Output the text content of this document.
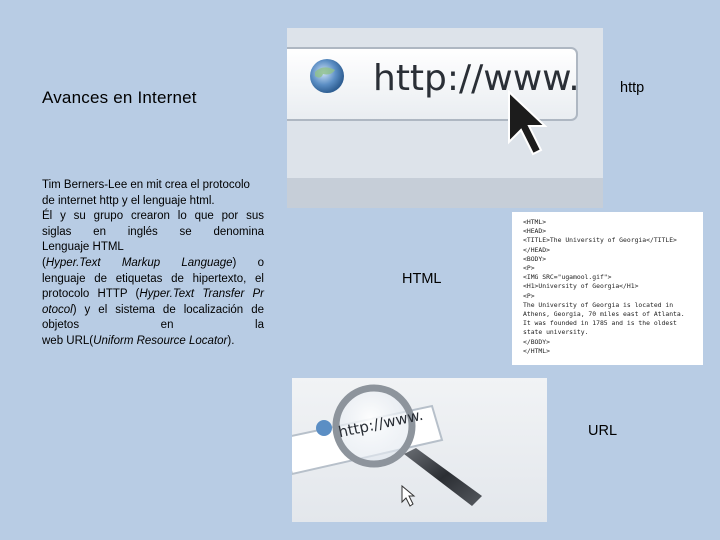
Avances en Internet

Tim Berners-Lee en mit crea el protocolo de internet http y el lenguaje html.

Él y su grupo crearon lo que por sus

siglas en inglés se denomina

Lenguaje HTML

(Hyper.Text Markup Language) o

lenguaje de etiquetas de hipertexto, el

protocolo HTTP (Hyper.Text Transfer Pr

otocol) y el sistema de localización de

objetos en la

web URL(Uniform Resource Locator).

http://www.
<HTML>
<HEAD>
<TITLE>The University of Georgia</TITLE>
</HEAD>
<BODY>
<P>
<IMG SRC="ugamool.gif">
<H1>University of Georgia</H1>
<P>
The University of Georgia is located in
Athens, Georgia, 70 miles east of Atlanta.
It was founded in 1785 and is the oldest
state university.
</BODY>
</HTML>
http://www.
http
HTML
URL
